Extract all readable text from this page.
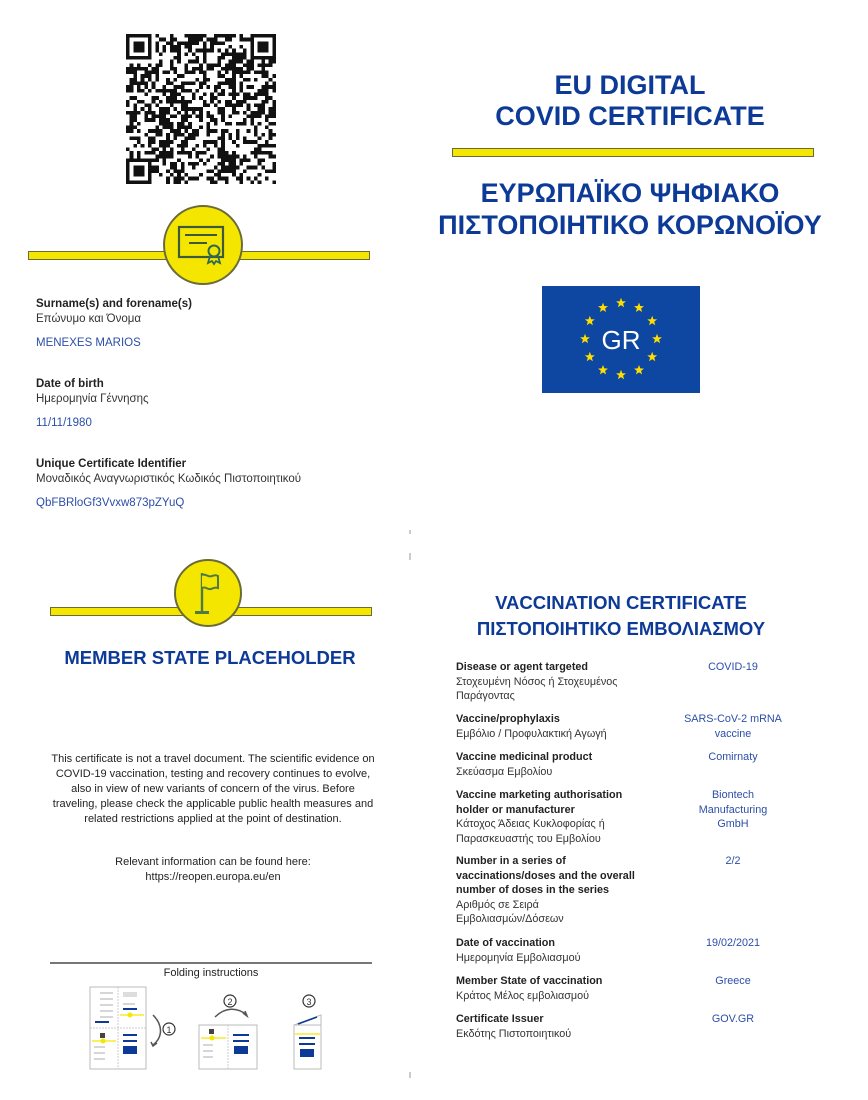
EU DIGITAL
COVID CERTIFICATE
ΕΥΡΩΠΑΪΚΟ ΨΗΦΙΑΚΟ
ΠΙΣΤΟΠΟΙΗΤΙΚΟ ΚΟΡΩΝΟΪΟΥ
GR
Surname(s) and forename(s)
Επώνυμο και Όνομα
MENEXES MARIOS
Date of birth
Ημερομηνία Γέννησης
11/11/1980
Unique Certificate Identifier
Μοναδικός Αναγνωριστικός Κωδικός Πιστοποιητικού
QbFBRloGf3Vvxw873pZYuQ
MEMBER STATE PLACEHOLDER
This certificate is not a travel document. The scientific evidence on COVID-19 vaccination, testing and recovery continues to evolve, also in view of new variants of concern of the virus. Before traveling, please check the applicable public health measures and related restrictions applied at the point of destination.
Relevant information can be found here:
https://reopen.europa.eu/en
Folding instructions
1
2	3
VACCINATION CERTIFICATE
ΠΙΣΤΟΠΟΙΗΤΙΚΟ ΕΜΒΟΛΙΑΣΜΟΥ
Disease or agent targeted
Στοχευμένη Νόσος ή Στοχευμένος Παράγοντας
COVID-19
Vaccine/prophylaxis
Εμβόλιο / Προφυλακτική Αγωγή
SARS-CoV-2 mRNA vaccine
Vaccine medicinal product
Σκεύασμα Εμβολίου
Comirnaty
Vaccine marketing authorisation holder or manufacturer
Κάτοχος Άδειας Κυκλοφορίας ή Παρασκευαστής του Εμβολίου
Biontech Manufacturing GmbH
Number in a series of vaccinations/doses and the overall number of doses in the series
Αριθμός σε Σειρά Εμβολιασμών/Δόσεων
2/2
Date of vaccination
Ημερομηνία Εμβολιασμού
19/02/2021
Member State of vaccination
Κράτος Μέλος εμβολιασμού
Greece
Certificate Issuer
Εκδότης Πιστοποιητικού
GOV.GR
